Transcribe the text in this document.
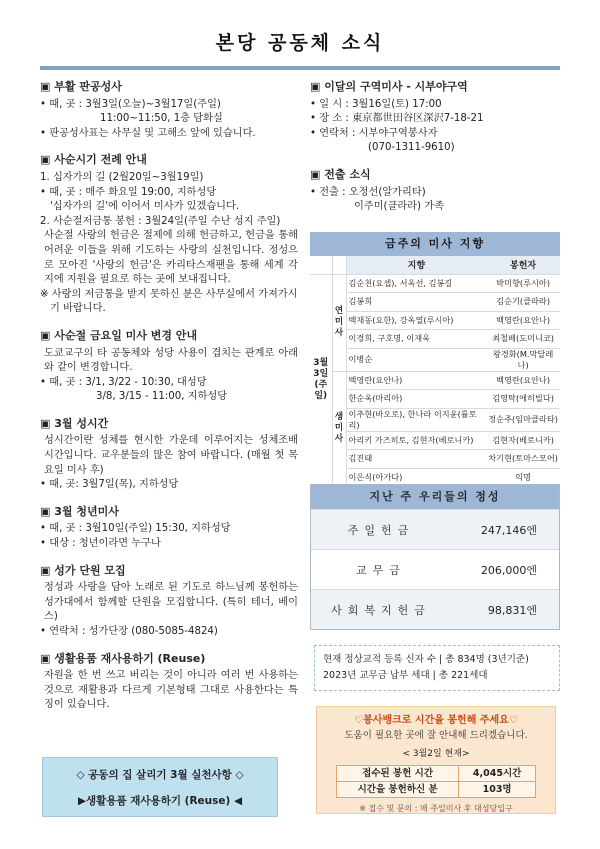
본당 공동체 소식
▣ 부활 판공성사
• 때, 곳 : 3월3일(오늘)~3월17일(주일)
11:00~11:50, 1층 담화실
• 판공성사표는 사무실 및 고해소 앞에 있습니다.
▣ 사순시기 전례 안내
1. 십자가의 길 (2월20일~3월19일)
• 때, 곳 : 매주 화요일 19:00, 지하성당
'십자가의 길'에 이어서 미사가 있겠습니다.
2. 사순절저금통 봉헌 : 3월24일(주일 수난 성지 주일)
사순절 사랑의 헌금은 절제에 의해 헌금하고, 헌금을 통해 어려운 이들을 위해 기도하는 사랑의 실천입니다. 정성으로 모아진 '사랑의 헌금'은 카리타스재팬을 통해 세계 각지에 지원을 필요로 하는 곳에 보내집니다.
※ 사랑의 저금통을 받지 못하신 분은 사무실에서 가져가시기 바랍니다.
▣ 사순절 금요일 미사 변경 안내
도쿄교구의 타 공동체와 성당 사용이 겹치는 관계로 아래와 같이 변경합니다.
• 때, 곳 : 3/1, 3/22 - 10:30, 대성당
3/8, 3/15 - 11:00, 지하성당
▣ 3월 성시간
성시간이란 성체를 현시한 가운데 이루어지는 성체조배 시간입니다. 교우분들의 많은 참여 바랍니다. (매월 첫 목요일 미사 후)
• 때, 곳: 3월7일(목), 지하성당
▣ 3월 청년미사
• 때, 곳 : 3월10일(주일) 15:30, 지하성당
• 대상 : 청년이라면 누구나
▣ 성가 단원 모집
정성과 사랑을 담아 노래로 된 기도로 하느님께 봉헌하는 성가대에서 함께할 단원을 모집합니다. (특히 테너, 베이스)
• 연락처 : 성가단장 (080-5085-4824)
▣ 생활용품 재사용하기 (Reuse)
자원을 한 번 쓰고 버리는 것이 아니라 여러 번 사용하는 것으로 재활용과 다르게 기본형태 그대로 사용한다는 특징이 있습니다.
◇ 공동의 집 살리기 3월 실천사항 ◇
▶생활용품 재사용하기 (Reuse) ◀
▣ 이달의 구역미사 - 시부야구역
• 일 시 : 3월16일(토) 17:00
• 장 소 : 東京都世田谷区深沢7-18-21
• 연락처 : 시부야구역봉사자
(070-1311-9610)
▣ 전출 소식
• 전출 : 오정선(알가리타)
이주미(클라라) 가족
금주의 미사 지향
		지향	봉헌자
3월 3일 (주일)	연미사	김순천(요셉), 서옥선, 김봉길	박미향(루시아)
		김봉희	김순기(클라라)
		백재동(요한), 강옥열(루시아)	백영란(요안나)
		이경희, 구호명, 이재욱	최철배(도미니코)
		이병순	왕경화(M.막달레나)
	생미사	백영란(요안나)	백영란(요안나)
		한순옥(마리아)	김영탁(에히빌다)
		이추현(바오로), 한나라 이지윤(률토리)	정순주(임마클라타)
		아리키 가즈히토, 김현자(베로니카)	김현자(베로니카)
		김진태	차기현(토마스모어)
		이은식(아가다)	익명
지난 주 우리들의 정성
주일헌금	247,146엔
교무금	206,000엔
사회복지헌금	98,831엔
현재 정상교적 등록 신자 수 | 총 834명 (3년기준)
2023년 교무금 납부 세대 | 총 221세대
♡봉사뱅크로 시간을 봉헌해 주세요♡
도움이 필요한 곳에 잘 안내해 드리겠습니다.
< 3월2일 현재>
접수된 봉헌 시간	4,045시간
시간을 봉헌하신 분	103명
※ 접수 및 문의 : 매 주일미사 후 대성당입구
